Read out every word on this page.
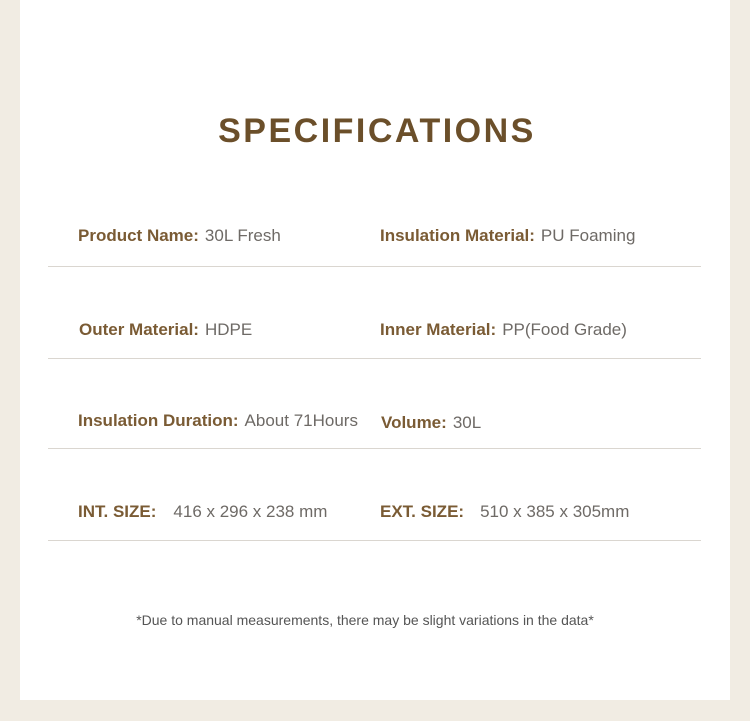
SPECIFICATIONS
Product Name: 30L Fresh	Insulation Material: PU Foaming
Outer Material: HDPE	Inner Material: PP(Food Grade)
Insulation Duration: About 71Hours Volume: 30L
INT. SIZE: 416 x 296 x 238 mm	EXT. SIZE: 510 x 385 x 305mm
*Due to manual measurements, there may be slight variations in the data*
